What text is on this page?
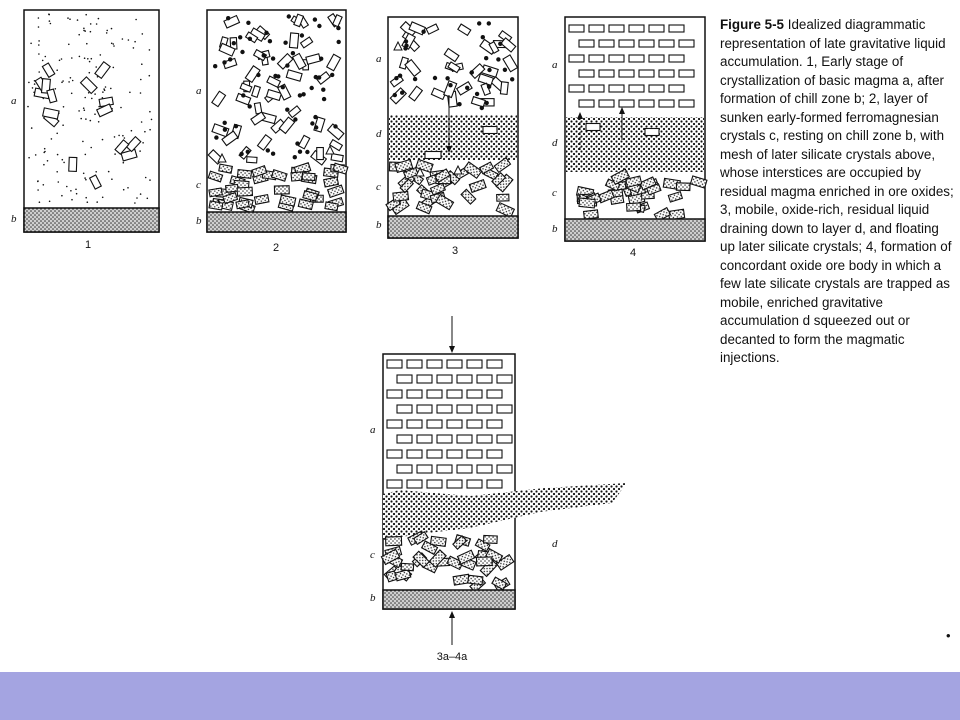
a
b
1
a
c
b
2
a
d
c
b
3
a
d
c
b
4
a
c
b
d
3a–4a
Figure 5-5 Idealized diagrammatic representation of late gravitative liquid accumulation. 1, Early stage of crystallization of basic magma a, after formation of chill zone b; 2, layer of sunken early-formed ferromagnesian crystals c, resting on chill zone b, with mesh of later silicate crystals above, whose interstices are occupied by residual magma enriched in ore oxides; 3, mobile, oxide-rich, residual liquid draining down to layer d, and floating up later silicate crystals; 4, formation of concordant oxide ore body in which a few late silicate crystals are trapped as mobile, enriched gravitative accumulation d squeezed out or decanted to form the magmatic injections.
•
